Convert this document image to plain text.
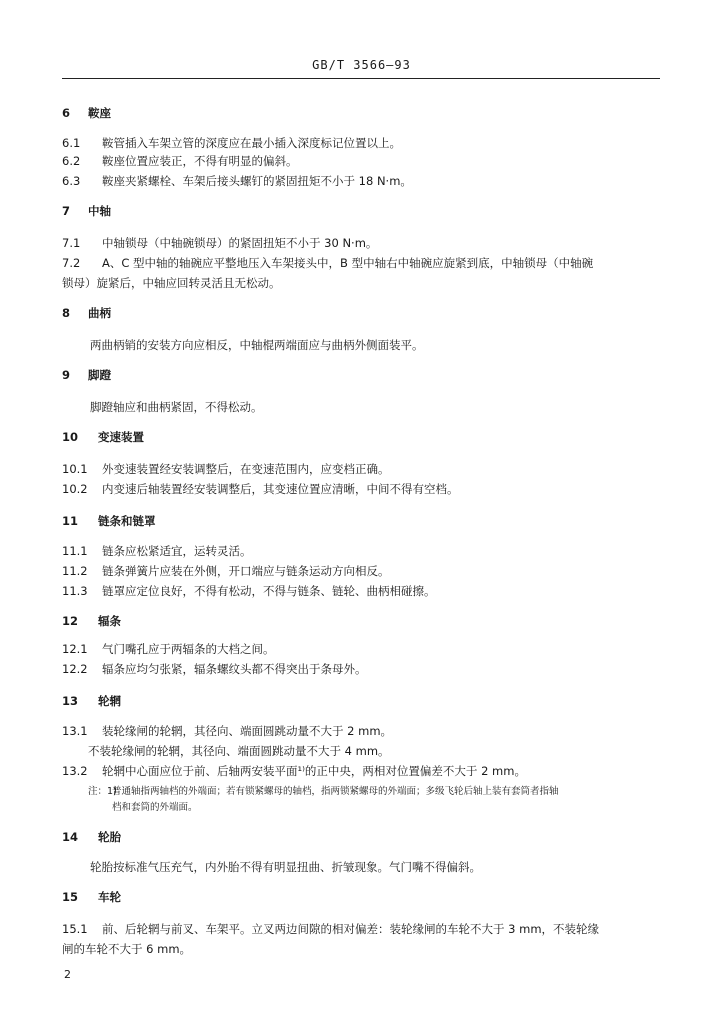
GB/T 3566—93
6 鞍座
6.1 鞍管插入车架立管的深度应在最小插入深度标记位置以上。
6.2 鞍座位置应装正，不得有明显的偏斜。
6.3 鞍座夹紧螺栓、车架后接头螺钉的紧固扭矩不小于 18 N·m。
7 中轴
7.1 中轴锁母（中轴碗锁母）的紧固扭矩不小于 30 N·m。
7.2 A、C 型中轴的轴碗应平整地压入车架接头中，B 型中轴右中轴碗应旋紧到底，中轴锁母（中轴碗
锁母）旋紧后，中轴应回转灵活且无松动。
8 曲柄
两曲柄销的安装方向应相反，中轴棍两端面应与曲柄外侧面装平。
9 脚蹬
脚蹬轴应和曲柄紧固，不得松动。
10 变速装置
10.1 外变速装置经安装调整后，在变速范围内，应变档正确。
10.2 内变速后轴装置经安装调整后，其变速位置应清晰，中间不得有空档。
11 链条和链罩
11.1 链条应松紧适宜，运转灵活。
11.2 链条弹簧片应装在外侧，开口端应与链条运动方向相反。
11.3 链罩应定位良好，不得有松动，不得与链条、链轮、曲柄相碰擦。
12 辐条
12.1 气门嘴孔应于两辐条的大档之间。
12.2 辐条应均匀张紧，辐条螺纹头都不得突出于条母外。
13 轮辋
13.1 装轮缘闸的轮辋，其径向、端面圆跳动量不大于 2 mm。
不装轮缘闸的轮辋，其径向、端面圆跳动量不大于 4 mm。
13.2 轮辋中心面应位于前、后轴两安装平面¹⁾的正中央，两相对位置偏差不大于 2 mm。
注：1)普通轴指两轴档的外端面；若有锁紧螺母的轴档，指两锁紧螺母的外端面；多级飞轮后轴上装有套筒者指轴
档和套筒的外端面。
14 轮胎
轮胎按标准气压充气，内外胎不得有明显扭曲、折皱现象。气门嘴不得偏斜。
15 车轮
15.1 前、后轮辋与前叉、车架平。立叉两边间隙的相对偏差：装轮缘闸的车轮不大于 3 mm，不装轮缘
闸的车轮不大于 6 mm。
2
